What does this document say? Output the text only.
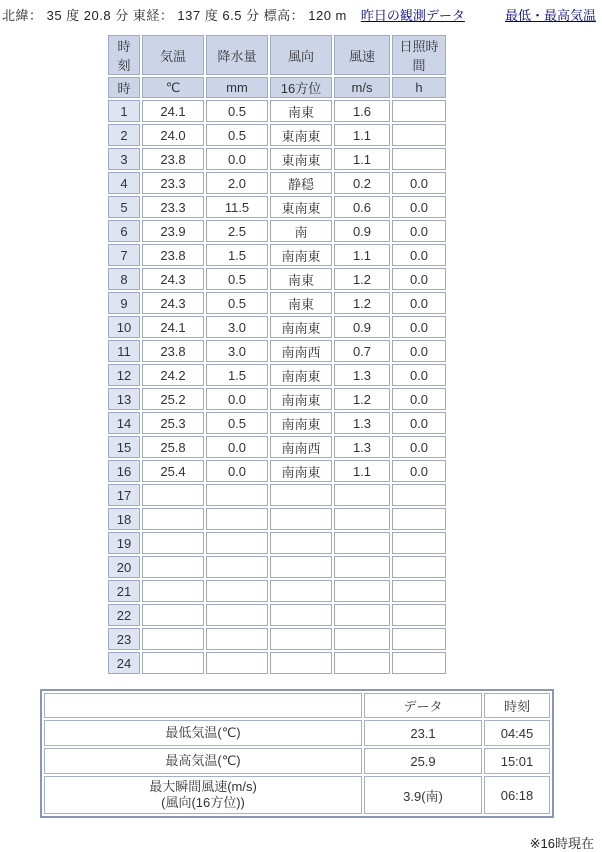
北緯： 35 度 20.8 分 東経： 137 度 6.5 分 標高： 120 m 昨日の観測データ	最低・最高気温
時刻	気温	降水量	風向	風速	日照時間
時	℃	mm	16方位	m/s	h
1	24.1	0.5	南東	1.6	
2	24.0	0.5	東南東	1.1	
3	23.8	0.0	東南東	1.1	
4	23.3	2.0	静穏	0.2	0.0
5	23.3	11.5	東南東	0.6	0.0
6	23.9	2.5	南	0.9	0.0
7	23.8	1.5	南南東	1.1	0.0
8	24.3	0.5	南東	1.2	0.0
9	24.3	0.5	南東	1.2	0.0
10	24.1	3.0	南南東	0.9	0.0
11	23.8	3.0	南南西	0.7	0.0
12	24.2	1.5	南南東	1.3	0.0
13	25.2	0.0	南南東	1.2	0.0
14	25.3	0.5	南南東	1.3	0.0
15	25.8	0.0	南南西	1.3	0.0
16	25.4	0.0	南南東	1.1	0.0
17					
18					
19					
20					
21					
22					
23					
24					
	データ	時刻

最低気温(℃)	23.1	04:45

最高気温(℃)	25.9	15:01

最大瞬間風速(m/s)
(風向(16方位))	3.9(南)	06:18
※16時現在
